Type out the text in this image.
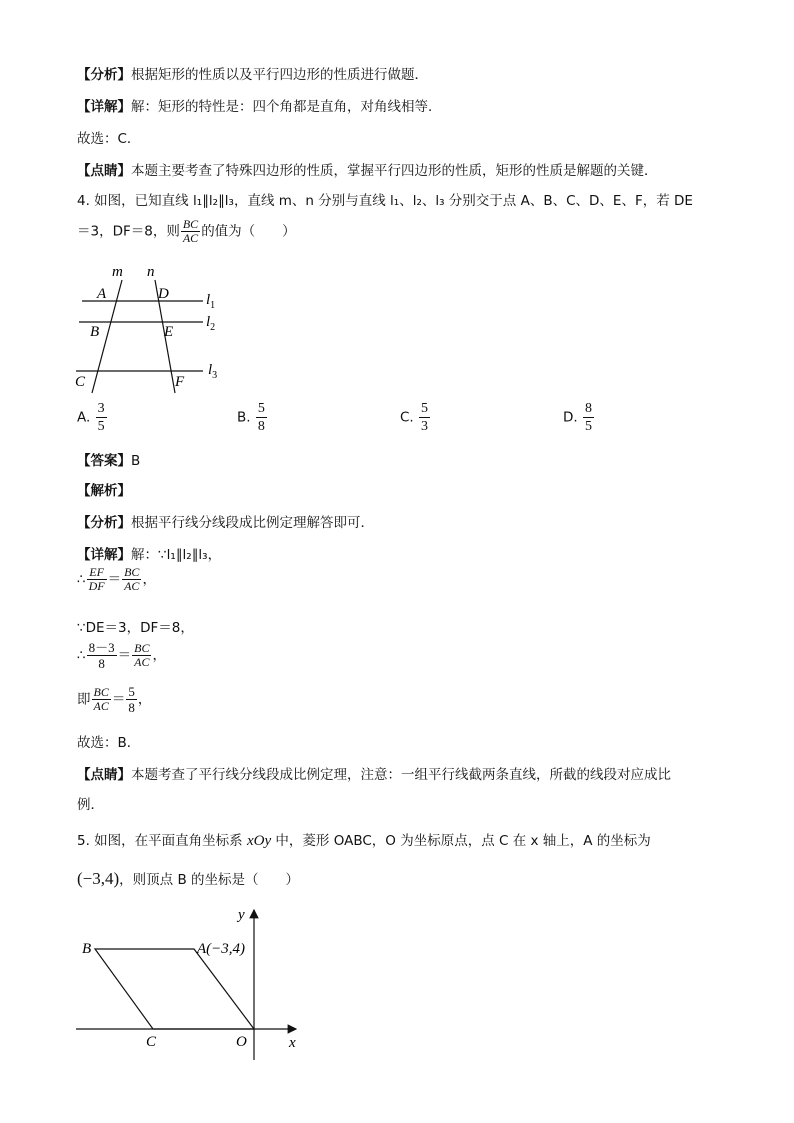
【分析】根据矩形的性质以及平行四边形的性质进行做题．
【详解】解：矩形的特性是：四个角都是直角，对角线相等．
故选：C．
【点睛】本题主要考查了特殊四边形的性质，掌握平行四边形的性质，矩形的性质是解题的关键．
4. 如图，已知直线 l₁∥l₂∥l₃，直线 m、n 分别与直线 l₁、l₂、l₃ 分别交于点 A、B、C、D、E、F，若 DE
＝3，DF＝8，则 $\frac{BC}{AC}$ 的值为（　　）
m n
A	D $l_1$
B	E
$l_2$
C	F
$l_3$
A. $\frac{3}{5}$	B. $\frac{5}{8}$	C. $\frac{5}{3}$	D. $\frac{8}{5}$
【答案】B
【解析】
【分析】根据平行线分线段成比例定理解答即可．
【详解】解：∵l₁∥l₂∥l₃，
∴ $\frac{EF}{DF} = \frac{BC}{AC}$ ，
∵DE＝3，DF＝8，
∴ $\frac{8-3}{8} = \frac{BC}{AC}$ ，
即 $\frac{BC}{AC} = \frac{5}{8}$ ，
故选：B．
【点睛】本题考查了平行线分线段成比例定理，注意：一组平行线截两条直线，所截的线段对应成比
例．
5. 如图，在平面直角坐标系 xOy 中，菱形 OABC，O 为坐标原点，点 C 在 x 轴上，A 的坐标为
(−3,4)，则顶点 B 的坐标是（　　）
y
x
B	A(−3,4)
C	O
